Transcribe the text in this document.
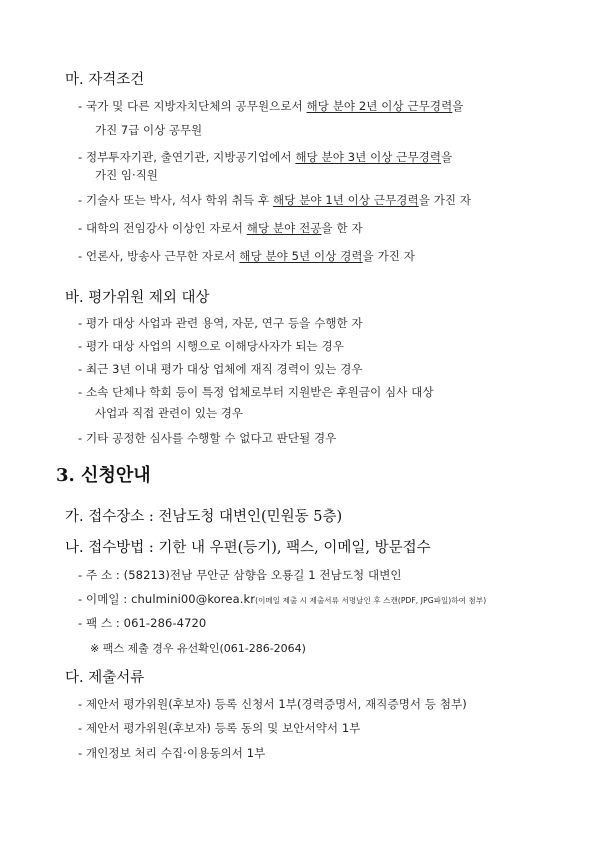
마. 자격조건
- 국가 및 다른 지방자치단체의 공무원으로서 해당 분야 2년 이상 근무경력을
가진 7급 이상 공무원
- 정부투자기관, 출연기관, 지방공기업에서 해당 분야 3년 이상 근무경력을
가진 임·직원
- 기술사 또는 박사, 석사 학위 취득 후 해당 분야 1년 이상 근무경력을 가진 자
- 대학의 전임강사 이상인 자로서 해당 분야 전공을 한 자
- 언론사, 방송사 근무한 자로서 해당 분야 5년 이상 경력을 가진 자
바. 평가위원 제외 대상
- 평가 대상 사업과 관련 용역, 자문, 연구 등을 수행한 자
- 평가 대상 사업의 시행으로 이해당사자가 되는 경우
- 최근 3년 이내 평가 대상 업체에 재직 경력이 있는 경우
- 소속 단체나 학회 등이 특정 업체로부터 지원받은 후원금이 심사 대상
사업과 직접 관련이 있는 경우
- 기타 공정한 심사를 수행할 수 없다고 판단될 경우
3. 신청안내
가. 접수장소 : 전남도청 대변인(민원동 5층)
나. 접수방법 : 기한 내 우편(등기), 팩스, 이메일, 방문접수
- 주 소 : (58213)전남 무안군 삼향읍 오룡길 1 전남도청 대변인
- 이메일 : chulmini00@korea.kr(이메일 제출 시 제출서류 서명날인 후 스캔(PDF, JPG파일)하여 첨부)
- 팩 스 : 061-286-4720
※ 팩스 제출 경우 유선확인(061-286-2064)
다. 제출서류
- 제안서 평가위원(후보자) 등록 신청서 1부(경력증명서, 재직증명서 등 첨부)
- 제안서 평가위원(후보자) 등록 동의 및 보안서약서 1부
- 개인정보 처리 수집·이용동의서 1부
